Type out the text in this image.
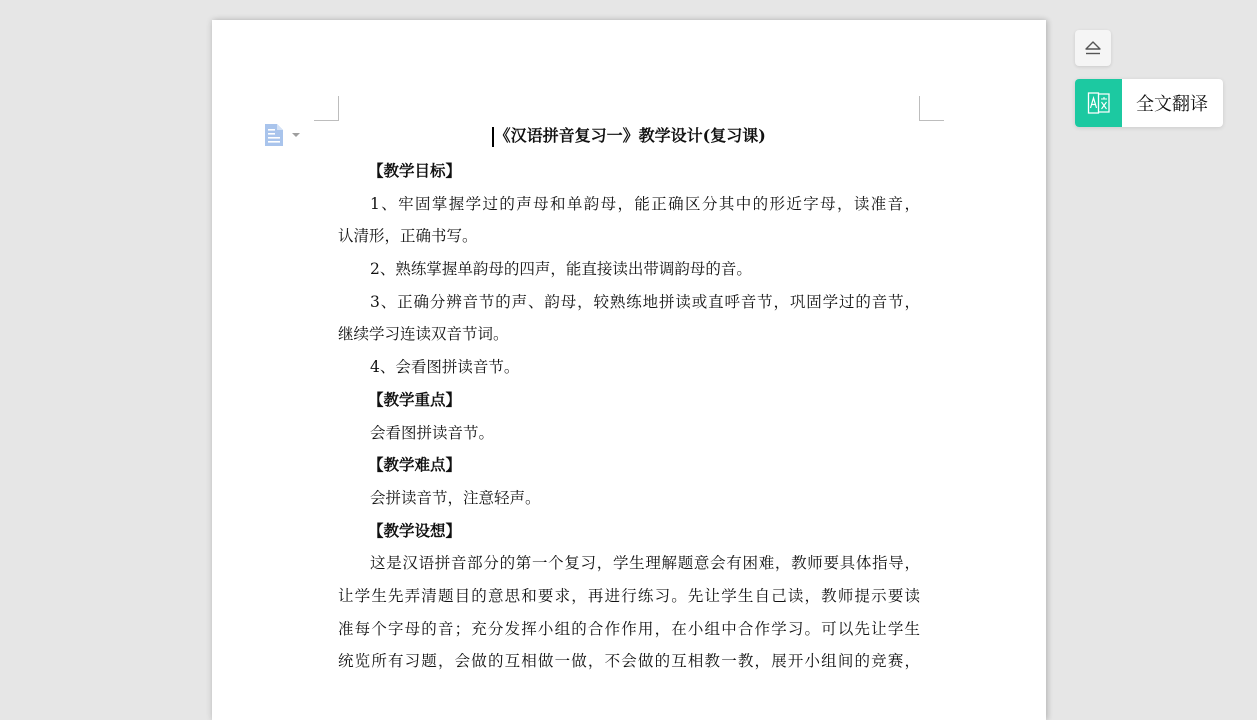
《汉语拼音复习一》教学设计(复习课)
【教学目标】
1、牢固掌握学过的声母和单韵母，能正确区分其中的形近字母，读准音，
认清形，正确书写。
2、熟练掌握单韵母的四声，能直接读出带调韵母的音。
3、正确分辨音节的声、韵母，较熟练地拼读或直呼音节，巩固学过的音节，
继续学习连读双音节词。
4、会看图拼读音节。
【教学重点】
会看图拼读音节。
【教学难点】
会拼读音节，注意轻声。
【教学设想】
这是汉语拼音部分的第一个复习，学生理解题意会有困难，教师要具体指导，
让学生先弄清题目的意思和要求，再进行练习。先让学生自己读，教师提示要读
准每个字母的音；充分发挥小组的合作作用，在小组中合作学习。可以先让学生
统览所有习题，会做的互相做一做，不会做的互相教一教，展开小组间的竞赛，
全文翻译
